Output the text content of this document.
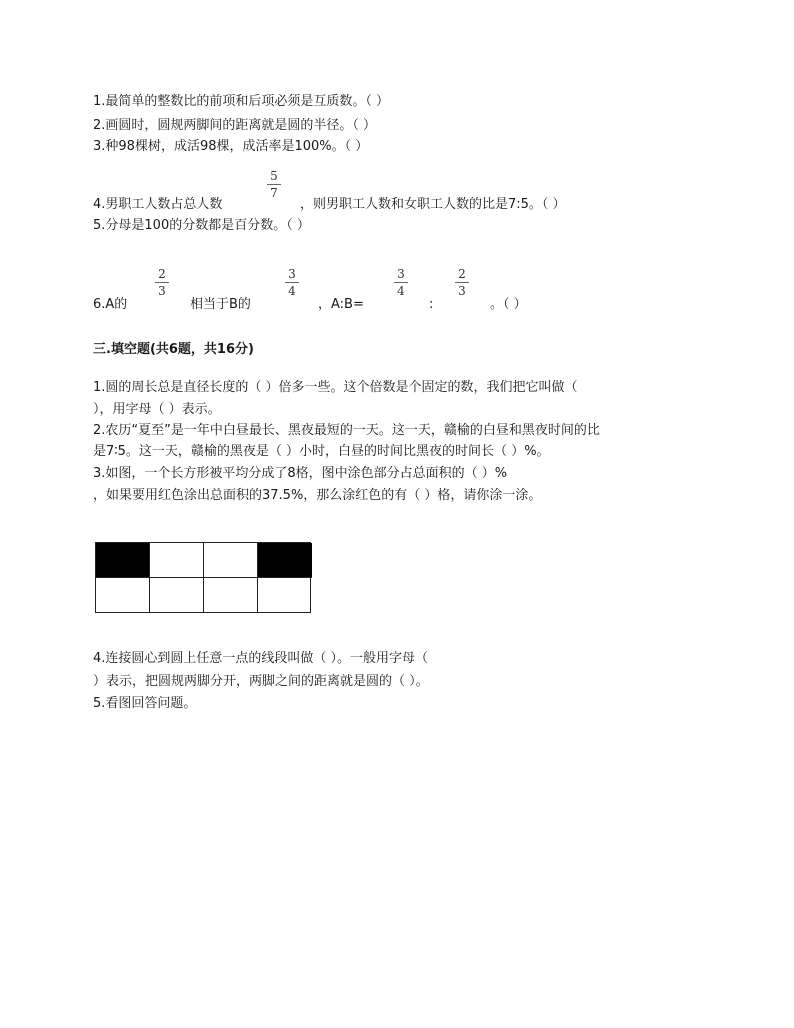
1.最简单的整数比的前项和后项必须是互质数。（ ）
2.画圆时，圆规两脚间的距离就是圆的半径。（ ）
3.种98棵树，成活98棵，成活率是100%。（ ）
4.男职工人数占总人数
5
7
，则男职工人数和女职工人数的比是7:5。（ ）
5.分母是100的分数都是百分数。（ ）
6.A的
2
3
相当于B的
3
4
，A:B=
3
4
:
2
3
。（ ）
三.填空题(共6题，共16分)
1.圆的周长总是直径长度的（ ）倍多一些。这个倍数是个固定的数，我们把它叫做（
），用字母（ ）表示。
2.农历“夏至”是一年中白昼最长、黑夜最短的一天。这一天，赣榆的白昼和黑夜时间的比
是7∶5。这一天，赣榆的黑夜是（ ）小时，白昼的时间比黑夜的时间长（ ）%。
3.如图，一个长方形被平均分成了8格，图中涂色部分占总面积的（ ）%
，如果要用红色涂出总面积的37.5%，那么涂红色的有（ ）格，请你涂一涂。
4.连接圆心到圆上任意一点的线段叫做（ ）。一般用字母（
）表示，把圆规两脚分开，两脚之间的距离就是圆的（ ）。
5.看图回答问题。
